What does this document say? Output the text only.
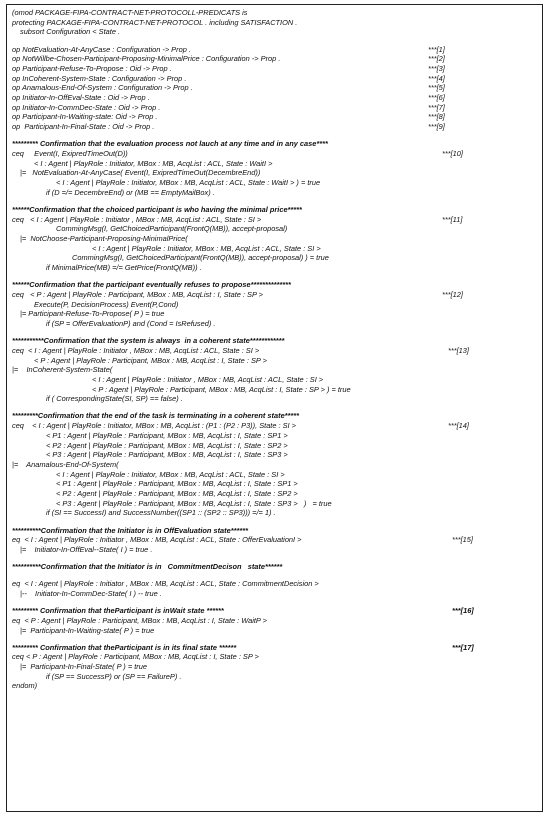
(omod PACKAGE-FIPA-CONTRACT-NET-PROTOCOLL-PREDICATS is
protecting PACKAGE-FIPA-CONTRACT-NET-PROTOCOL . including SATISFACTION .
subsort Configuration < State .
op NotEvaluation-At-AnyCase : Configuration -> Prop .	***[1]
op NotWillbe-Chosen-Participant-Proposing-MinimalPrice : Configuration -> Prop .	***[2]
op Participant-Refuse-To-Propose : Oid -> Prop .	***[3]
op InCoherent-System-State : Configuration -> Prop .	***[4]
op Anamalous-End-Of-System : Configuration -> Prop .	***[5]
op Initiator-In-OffEval-State : Oid -> Prop .	***[6]
op Initiator-In-CommDec-State : Oid -> Prop .	***[7]
op Participant-In-Waiting-state: Oid -> Prop .	***[8]
op  Participant-In-Final-State : Oid -> Prop .	***[9]
********* Confirmation that the evaluation process not lauch at any time and in any case****
ceq     Event(I, ExipredTimeOut(D))	***[10]
< I : Agent | PlayRole : Initiator, MBox : MB, AcqList : ACL, State : WaitI >
|=   NotEvaluation-At-AnyCase( Event(I, ExipredTimeOut(DecembreEnd))
< I : Agent | PlayRole : Initiator, MBox : MB, AcqList : ACL, State : WaitI > ) = true
if (D =/= DecembreEnd) or (MB == EmptyMailBox) .
******Confirmation that the choiced participant is who having the minimal price*****
ceq   < I : Agent | PlayRole : Initiator , MBox : MB, AcqList : ACL, State : SI >	***[11]
CommingMsg(I, GetChoicedParticipant(FrontQ(MB)), accept-proposal)
|=  NotChoose-Participant-Proposing-MinimalPrice(
< I : Agent | PlayRole : Initiator, MBox : MB, AcqList : ACL, State : SI >
CommingMsg(I, GetChoicedParticipant(FrontQ(MB)), accept-proposal) ) = true
if MinimalPrice(MB) =/= GetPrice(FrontQ(MB)) .
******Confirmation that the participant eventually refuses to propose**************
ceq   < P : Agent | PlayRole : Participant, MBox : MB, AcqList : I, State : SP >	***[12]
Execute(P, DecisionProcess) Event(P,Cond)
|= Participant-Refuse-To-Propose( P ) = true
if (SP = OfferEvaluationP) and (Cond = IsRefused) .
***********Confirmation that the system is always  in a coherent state************
ceq  < I : Agent | PlayRole : Initiator , MBox : MB, AcqList : ACL, State : SI >	***[13]
< P : Agent | PlayRole : Participant, MBox : MB, AcqList : I, State : SP >
|=    InCoherent-System-State(
< I : Agent | PlayRole : Initiator , MBox : MB, AcqList : ACL, State : SI >
< P : Agent | PlayRole : Participant, MBox : MB, AcqList : I, State : SP > ) = true
if ( CorrespondingState(SI, SP) == false) .
*********Confirmation that the end of the task is terminating in a coherent state*****
ceq    < I : Agent | PlayRole : Initiator, MBox : MB, AcqList : (P1 : (P2 : P3)), State : SI >	***[14]
< P1 : Agent | PlayRole : Participant, MBox : MB, AcqList : I, State : SP1 >
< P2 : Agent | PlayRole : Participant, MBox : MB, AcqList : I, State : SP2 >
< P3 : Agent | PlayRole : Participant, MBox : MB, AcqList : I, State : SP3 >
|=    Anamalous-End-Of-System(
< I : Agent | PlayRole : Initiator, MBox : MB, AcqList : ACL, State : SI >
< P1 : Agent | PlayRole : Participant, MBox : MB, AcqList : I, State : SP1 >
< P2 : Agent | PlayRole : Participant, MBox : MB, AcqList : I, State : SP2 >
< P3 : Agent | PlayRole : Participant, MBox : MB, AcqList : I, State : SP3 >   )   = true
if (SI == SuccessI) and SuccessNumber((SP1 :: (SP2 :: SP3))) =/= 1) .
**********Confirmation that the Initiator is in OffEvaluation state******
eq  < I : Agent | PlayRole : Initiator , MBox : MB, AcqList : ACL, State : OfferEvaluationI >	***[15]
|=    Initiator-In-OffEval--State( I ) = true .
**********Confirmation that the Initiator is in   CommitmentDecison   state******
eq  < I : Agent | PlayRole : Initiator , MBox : MB, AcqList : ACL, State : CommitmentDecision >
|--    Initiator-In-CommDec-State( I ) -- true .
********* Confirmation that theParticipant is inWait state ******	***[16]
eq  < P : Agent | PlayRole : Participant, MBox : MB, AcqList : I, State : WaitP >
|=  Participant-In-Waiting-state( P ) = true
********* Confirmation that theParticipant is in its final state ******	***[17]
ceq < P : Agent | PlayRole : Participant, MBox : MB, AcqList : I, State : SP >
|=  Participant-In-Final-State( P ) = true
if (SP == SuccessP) or (SP == FailureP) .
endom)
